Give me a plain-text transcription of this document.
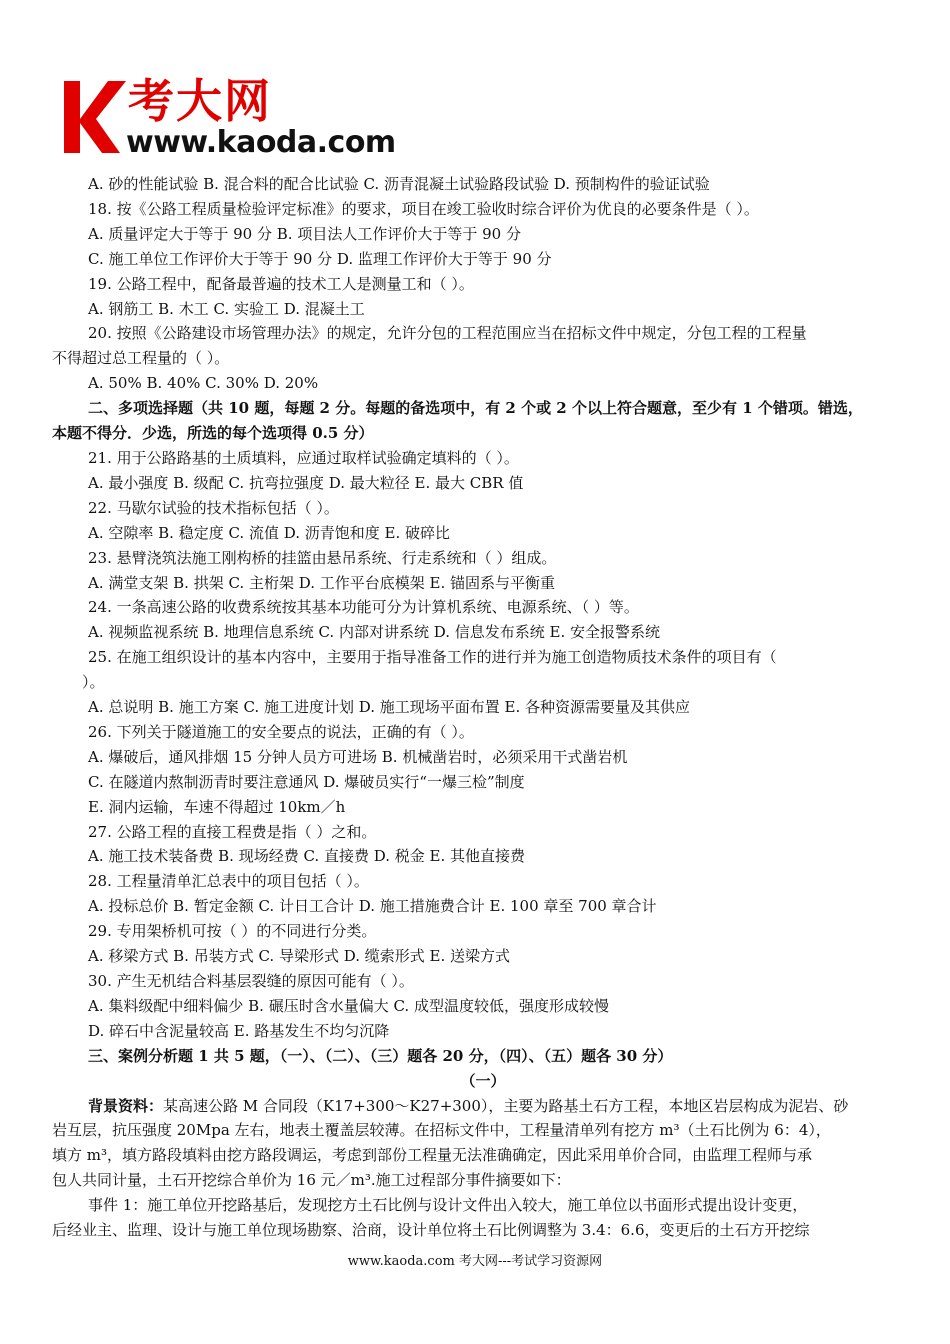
考大网
www.kaoda.com
A. 砂的性能试验 B. 混合料的配合比试验 C. 沥青混凝土试验路段试验 D. 预制构件的验证试验
18. 按《公路工程质量检验评定标准》的要求，项目在竣工验收时综合评价为优良的必要条件是（ ）。
A. 质量评定大于等于 90 分 B. 项目法人工作评价大于等于 90 分
C. 施工单位工作评价大于等于 90 分 D. 监理工作评价大于等于 90 分
19. 公路工程中，配备最普遍的技术工人是测量工和（ ）。
A. 钢筋工 B. 木工 C. 实验工 D. 混凝土工
20. 按照《公路建设市场管理办法》的规定，允许分包的工程范围应当在招标文件中规定，分包工程的工程量
不得超过总工程量的（ ）。
A. 50% B. 40% C. 30% D. 20%
二、多项选择题（共 10 题，每题 2 分。每题的备选项中，有 2 个或 2 个以上符合题意，至少有 1 个错项。错选，
本题不得分．少选，所选的每个选项得 0.5 分）
21. 用于公路路基的土质填料，应通过取样试验确定填料的（ ）。
A. 最小强度 B. 级配 C. 抗弯拉强度 D. 最大粒径 E. 最大 CBR 值
22. 马歇尔试验的技术指标包括（ ）。
A. 空隙率 B. 稳定度 C. 流值 D. 沥青饱和度 E. 破碎比
23. 悬臂浇筑法施工刚构桥的挂篮由悬吊系统、行走系统和（ ）组成。
A. 满堂支架 B. 拱架 C. 主桁架 D. 工作平台底模架 E. 锚固系与平衡重
24. 一条高速公路的收费系统按其基本功能可分为计算机系统、电源系统、（ ）等。
A. 视频监视系统 B. 地理信息系统 C. 内部对讲系统 D. 信息发布系统 E. 安全报警系统
25. 在施工组织设计的基本内容中，主要用于指导准备工作的进行并为施工创造物质技术条件的项目有（
）。
A. 总说明 B. 施工方案 C. 施工进度计划 D. 施工现场平面布置 E. 各种资源需要量及其供应
26. 下列关于隧道施工的安全要点的说法，正确的有（ ）。
A. 爆破后，通风排烟 15 分钟人员方可进场 B. 机械凿岩时，必须采用干式凿岩机
C. 在隧道内熬制沥青时要注意通风 D. 爆破员实行“一爆三检”制度
E. 洞内运输，车速不得超过 10km／h
27. 公路工程的直接工程费是指（ ）之和。
A. 施工技术装备费 B. 现场经费 C. 直接费 D. 税金 E. 其他直接费
28. 工程量清单汇总表中的项目包括（ ）。
A. 投标总价 B. 暂定金额 C. 计日工合计 D. 施工措施费合计 E. 100 章至 700 章合计
29. 专用架桥机可按（ ）的不同进行分类。
A. 移梁方式 B. 吊装方式 C. 导梁形式 D. 缆索形式 E. 送梁方式
30. 产生无机结合料基层裂缝的原因可能有（ ）。
A. 集料级配中细料偏少 B. 碾压时含水量偏大 C. 成型温度较低，强度形成较慢
D. 碎石中含泥量较高 E. 路基发生不均匀沉降
三、案例分析题 1 共 5 题，（一）、（二）、（三）题各 20 分，（四）、（五）题各 30 分）
（一）
背景资料：某高速公路 M 合同段（K17+300～K27+300），主要为路基土石方工程，本地区岩层构成为泥岩、砂
岩互层，抗压强度 20Mpa 左右，地表土覆盖层较薄。在招标文件中，工程量清单列有挖方 m³（土石比例为 6：4），
填方 m³，填方路段填料由挖方路段调运，考虑到部份工程量无法准确确定，因此采用单价合同，由监理工程师与承
包人共同计量，土石开挖综合单价为 16 元／m³.施工过程部分事件摘要如下：
事件 1：施工单位开挖路基后，发现挖方土石比例与设计文件出入较大，施工单位以书面形式提出设计变更，
后经业主、监理、设计与施工单位现场勘察、洽商，设计单位将土石比例调整为 3.4：6.6，变更后的土石方开挖综
www.kaoda.com 考大网---考试学习资源网
